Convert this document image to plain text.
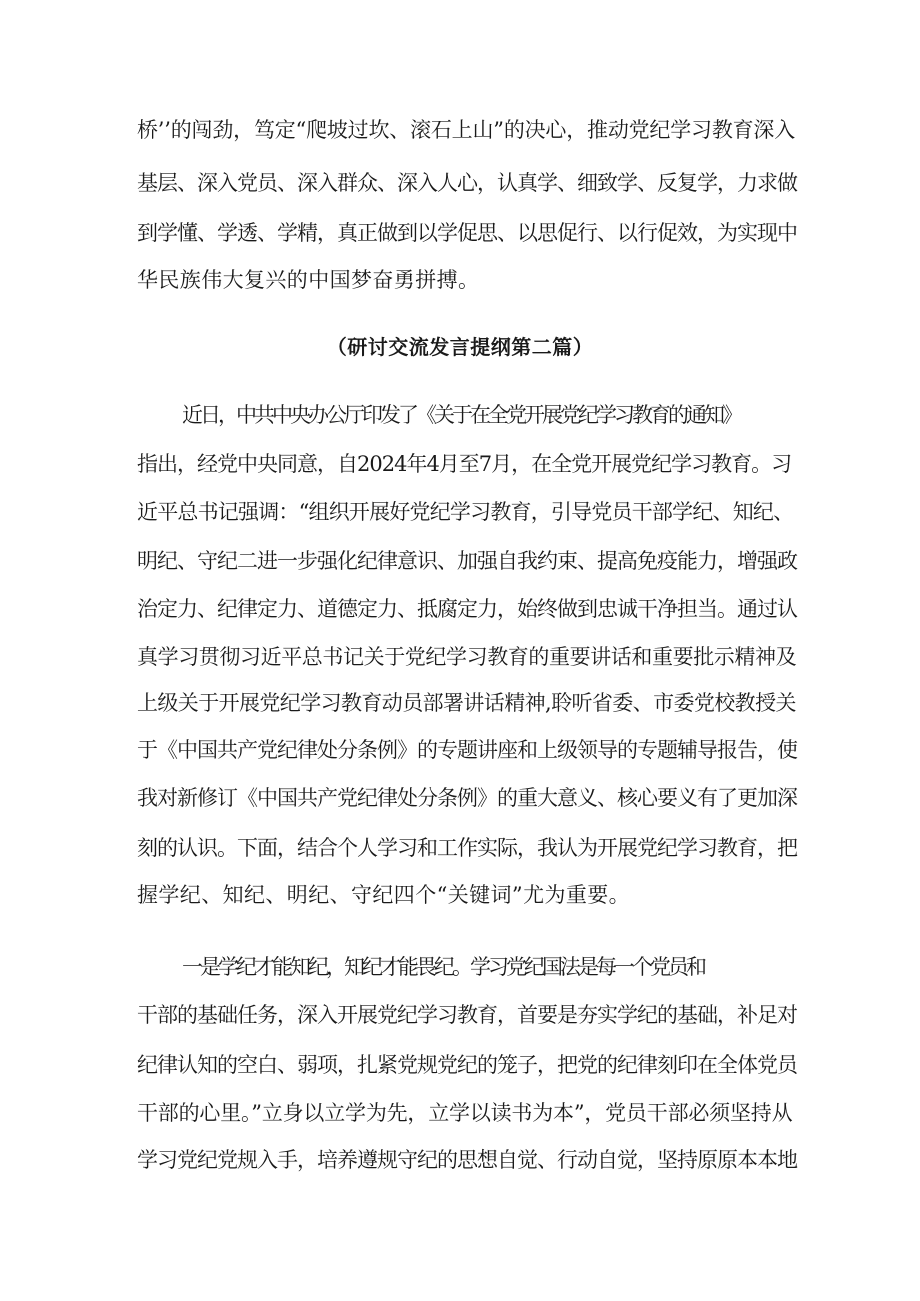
桥’’的闯劲，笃定“爬坡过坎、滚石上山”的决心，推动党纪学习教育深入
基层、深入党员、深入群众、深入人心，认真学、细致学、反复学，力求做
到学懂、学透、学精，真正做到以学促思、以思促行、以行促效，为实现中
华民族伟大复兴的中国梦奋勇拼搏。
（研讨交流发言提纲第二篇）
近日，中共中央办公厅印发了《关于在全党开展党纪学习教育的通知》
指出，经党中央同意，自2024年4月至7月，在全党开展党纪学习教育。习
近平总书记强调：“组织开展好党纪学习教育，引导党员干部学纪、知纪、
明纪、守纪二进一步强化纪律意识、加强自我约束、提高免疫能力，增强政
治定力、纪律定力、道德定力、抵腐定力，始终做到忠诚干净担当。通过认
真学习贯彻习近平总书记关于党纪学习教育的重要讲话和重要批示精神及
上级关于开展党纪学习教育动员部署讲话精神,聆听省委、市委党校教授关
于《中国共产党纪律处分条例》的专题讲座和上级领导的专题辅导报告，使
我对新修订《中国共产党纪律处分条例》的重大意义、核心要义有了更加深
刻的认识。下面，结合个人学习和工作实际，我认为开展党纪学习教育，把
握学纪、知纪、明纪、守纪四个“关键词”尤为重要。
一是学纪才能知纪，知纪才能畏纪。学习党纪国法是每一个党员和
干部的基础任务，深入开展党纪学习教育，首要是夯实学纪的基础，补足对
纪律认知的空白、弱项，扎紧党规党纪的笼子，把党的纪律刻印在全体党员
干部的心里。”立身以立学为先，立学以读书为本”，党员干部必须坚持从
学习党纪党规入手，培养遵规守纪的思想自觉、行动自觉，坚持原原本本地
